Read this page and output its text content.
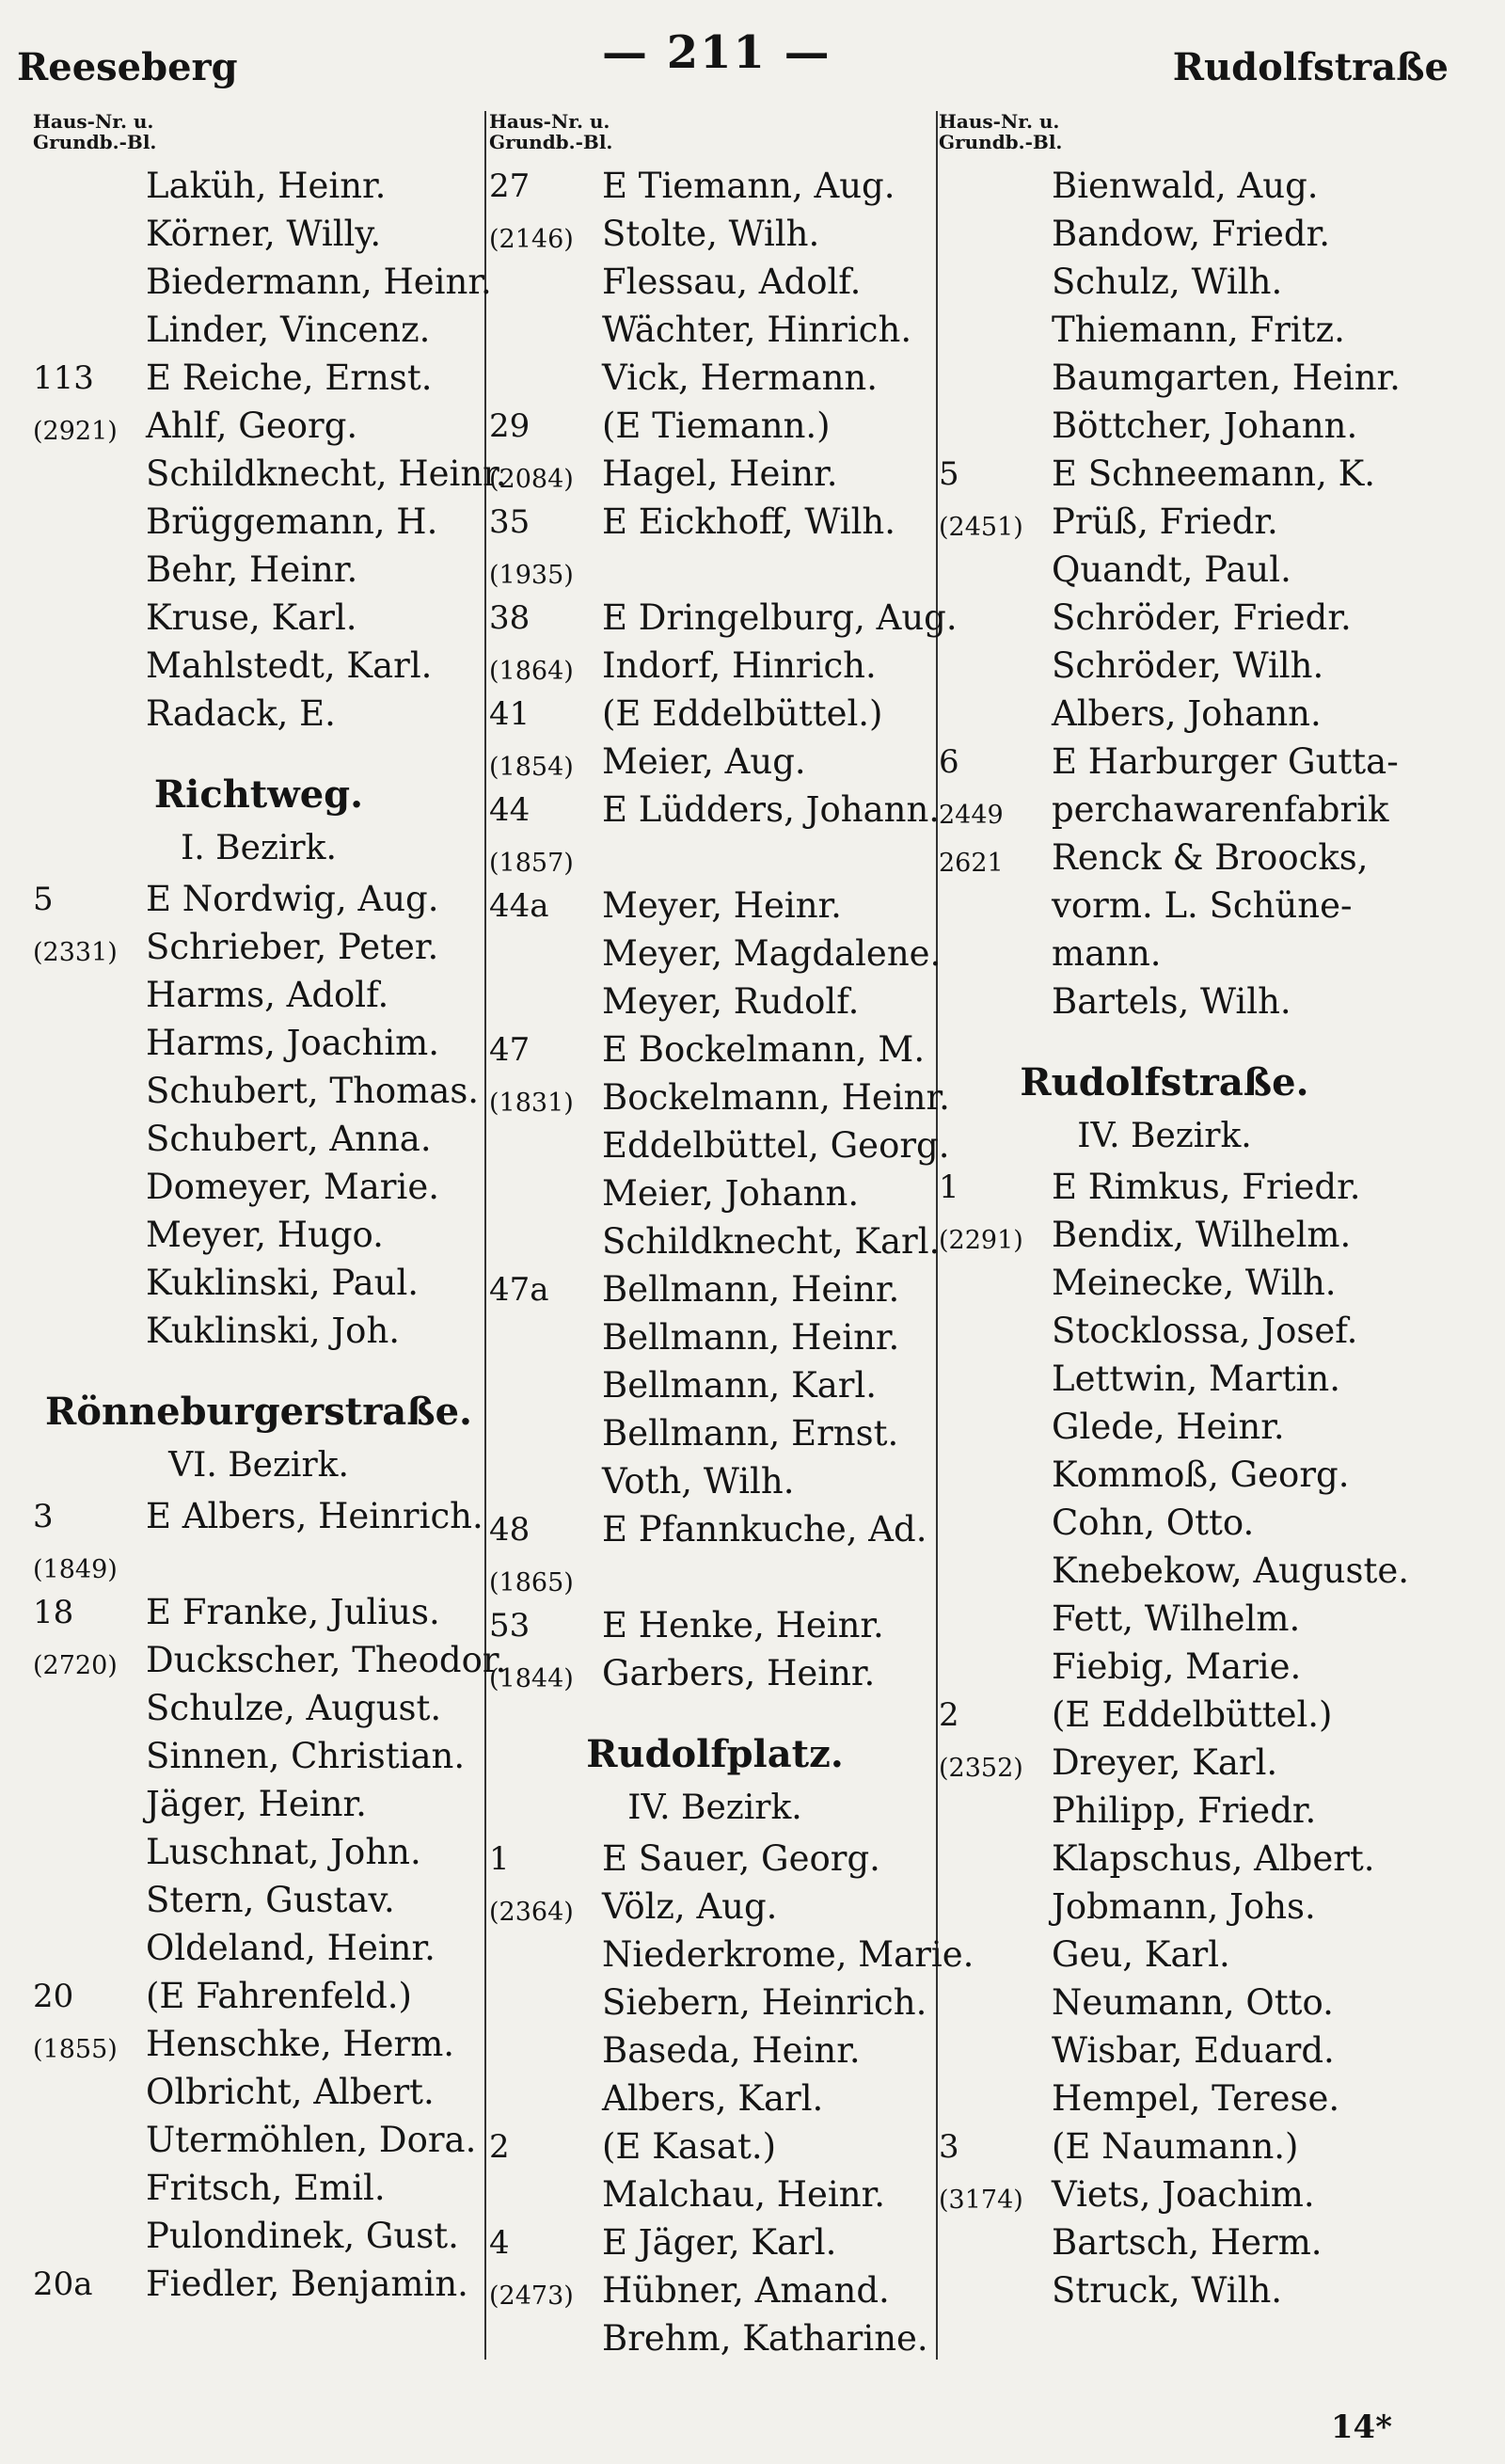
Reeseberg	— 211 —	Rudolfstraße
Haus-Nr. u.
Grundb.-Bl.
Laküh, Heinr.
Körner, Willy.
Biedermann, Heinr.
Linder, Vincenz.
113 E Reiche, Ernst.
(2921) Ahlf, Georg.
Schildknecht, Heinr.
Brüggemann, H.
Behr, Heinr.
Kruse, Karl.
Mahlstedt, Karl.
Radack, E.
Richtweg.
I. Bezirk.
5	E Nordwig, Aug.
(2331) Schrieber, Peter.
Harms, Adolf.
Harms, Joachim.
Schubert, Thomas.
Schubert, Anna.
Domeyer, Marie.
Meyer, Hugo.
Kuklinski, Paul.
Kuklinski, Joh.
Rönneburgerstraße.
VI. Bezirk.
3	E Albers, Heinrich.
(1849)
18 E Franke, Julius.
(2720) Duckscher, Theodor.
Schulze, August.
Sinnen, Christian.
Jäger, Heinr.
Luschnat, John.
Stern, Gustav.
Oldeland, Heinr.
20 (E Fahrenfeld.)
(1855) Henschke, Herm.
Olbricht, Albert.
Utermöhlen, Dora.
Fritsch, Emil.
Pulondinek, Gust.
20a Fiedler, Benjamin.
Haus-Nr. u.
Grundb.-Bl.
27 E Tiemann, Aug.
(2146) Stolte, Wilh.
Flessau, Adolf.
Wächter, Hinrich.
Vick, Hermann.
29 (E Tiemann.)
(2084) Hagel, Heinr.
35 E Eickhoff, Wilh.
(1935)
38 E Dringelburg, Aug.
(1864) Indorf, Hinrich.
41 (E Eddelbüttel.)
(1854) Meier, Aug.
44 E Lüdders, Johann.
(1857)
44a Meyer, Heinr.
Meyer, Magdalene.
Meyer, Rudolf.
47 E Bockelmann, M.
(1831) Bockelmann, Heinr.
Eddelbüttel, Georg.
Meier, Johann.
Schildknecht, Karl.
47a Bellmann, Heinr.
Bellmann, Heinr.
Bellmann, Karl.
Bellmann, Ernst.
Voth, Wilh.
48 E Pfannkuche, Ad.
(1865)
53 E Henke, Heinr.
(1844) Garbers, Heinr.
Rudolfplatz.
IV. Bezirk.
1	E Sauer, Georg.
(2364) Völz, Aug.
Niederkrome, Marie.
Siebern, Heinrich.
Baseda, Heinr.
Albers, Karl.
2	(E Kasat.)
Malchau, Heinr.
4	E Jäger, Karl.
(2473) Hübner, Amand.
Brehm, Katharine.
Haus-Nr. u.
Grundb.-Bl.
Bienwald, Aug.
Bandow, Friedr.
Schulz, Wilh.
Thiemann, Fritz.
Baumgarten, Heinr.
Böttcher, Johann.
5	E Schneemann, K.
(2451) Prüß, Friedr.
Quandt, Paul.
Schröder, Friedr.
Schröder, Wilh.
Albers, Johann.
6	E Harburger Gutta-
2449 perchawarenfabrik
2621 Renck & Broocks,
vorm. L. Schüne-
mann.
Bartels, Wilh.
Rudolfstraße.
IV. Bezirk.
1	E Rimkus, Friedr.
(2291) Bendix, Wilhelm.
Meinecke, Wilh.
Stocklossa, Josef.
Lettwin, Martin.
Glede, Heinr.
Kommoß, Georg.
Cohn, Otto.
Knebekow, Auguste.
Fett, Wilhelm.
Fiebig, Marie.
2	(E Eddelbüttel.)
(2352) Dreyer, Karl.
Philipp, Friedr.
Klapschus, Albert.
Jobmann, Johs.
Geu, Karl.
Neumann, Otto.
Wisbar, Eduard.
Hempel, Terese.
3	(E Naumann.)
(3174) Viets, Joachim.
Bartsch, Herm.
Struck, Wilh.
14*
